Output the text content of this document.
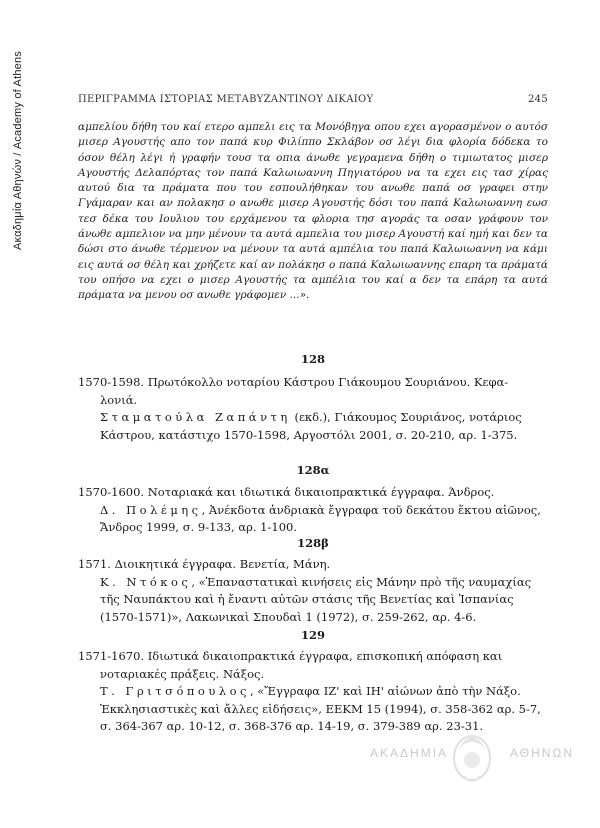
Ακαδημία Αθηνών / Academy of Athens	ΠΕΡΙΓΡΑΜΜΑ ΙΣΤΟΡΙΑΣ ΜΕΤΑΒΥΖΑΝΤΙΝΟΥ ΔΙΚΑΙΟΥ	245
αμπελίου δήθη του καί ετερο αμπελι εις τα Μονόβηγα οπου εχει αγορασμένον ο αυτόσ μισερ Αγουστής απο τον παπά κυρ Φιλίππο Σκλάβον οσ λέγι δια φλορία δόδεκα το όσον θέλη λέγι ή γραφήν τουσ τα οπια άνωθε γεγραμενα δήθη ο τιμιωτατος μισερ Αγουστής Δελαπόρτας τον παπά Καλωιωαννη Πηγιατόρου να τα εχει εις τασ χίρας αυτού δια τα πράματα που του εσπουλήθηκαν του ανωθε παπά οσ γραφει στην Γγάμαραν και αν πολακησ ο ανωθε μισερ Αγουστής δόσι του παπά Καλωιωαννη εωσ τεσ δέκα του Ιουλιου του ερχάμενου τα φλορια τησ αγοράς τα οσαν γράφουν τον άνωθε αμπελιον να μην μένουν τα αυτά αμπελια του μισερ Αγουστή καί ημή και δεν τα δώσι στο άνωθε τέρμενον να μένουν τα αυτά αμπέλια του παπά Καλωιωαννη να κάμι εις αυτά οσ θέλη και χρήζετε καί αν πολάκησ ο παπά Καλωιωαννης επαρη τα πράματά του οπήσο να εχει ο μισερ Αγουστής τα αμπέλια του καί α δεν τα επάρη τα αυτά πράματα να μενου οσ ανωθε γράφομεν ...».
128

1570-1598. Πρωτόκολλο νοταρίου Κάστρου Γιάκουμου Σουριάνου. Κεφα-

λονιά.

Σταματούλα Ζαπάντη (εκδ.), Γιάκουμος Σουριάνος, νοτάριος Κάστρου, κατάστιχο 1570-1598, Αργοστόλι 2001, σ. 20-210, αρ. 1-375.

128α

1570-1600. Νοταριακά και ιδιωτικά δικαιοπρακτικά έγγραφα. Άνδρος.

Δ. Πολέμης, Ἀνέκδοτα ἀνδριακὰ ἔγγραφα τοῦ δεκάτου ἕκτου αἰῶνος, Ἄνδρος 1999, σ. 9-133, αρ. 1-100.

128β

1571. Διοικητικά έγγραφα. Βενετία, Μάνη.

Κ. Ντόκος, «Ἐπαναστατικαὶ κινήσεις εἰς Μάνην πρὸ τῆς ναυμαχίας τῆς Ναυπάκτου καὶ ἡ ἔναντι αὐτῶν στάσις τῆς Βενετίας καὶ Ἱσπανίας (1570-1571)», Λακωνικαὶ Σπουδαὶ 1 (1972), σ. 259-262, αρ. 4-6.

129

1571-1670. Ιδιωτικά δικαιοπρακτικά έγγραφα, επισκοπική απόφαση και

νοταριακές πράξεις. Νάξος.

Τ. Γριτσόπουλος, «Ἔγγραφα ΙΖ' καὶ ΙΗ' αἰώνων ἀπὸ τὴν Νάξο. Ἐκκλησιαστικὲς καὶ ἄλλες εἰδήσεις», ΕΕΚΜ 15 (1994), σ. 358-362 αρ. 5-7, σ. 364-367 αρ. 10-12, σ. 368-376 αρ. 14-19, σ. 379-389 αρ. 23-31.

ΑΚΑΔΗΜΙΑ	ΑΘΗΝΩΝ
